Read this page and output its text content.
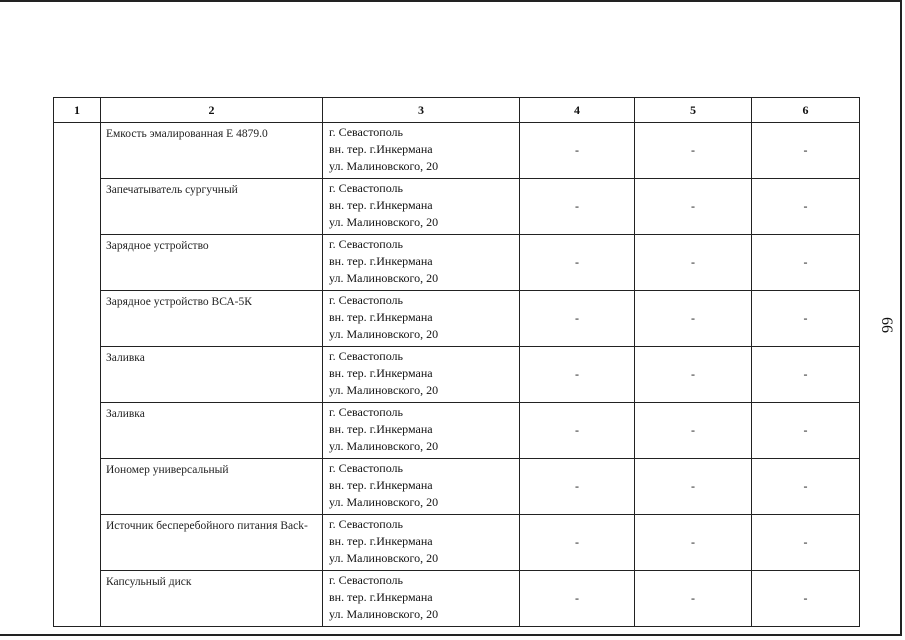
1	2	3	4	5	6
	Емкость эмалированная Е 4879.0	г. Севастополь
вн. тер. г.Инкермана
ул. Малиновского, 20	-	-	-
	Запечатыватель сургучный	г. Севастополь
вн. тер. г.Инкермана
ул. Малиновского, 20	-	-	-
	Зарядное устройство	г. Севастополь
вн. тер. г.Инкермана
ул. Малиновского, 20	-	-	-
	Зарядное устройство ВСА-5К	г. Севастополь
вн. тер. г.Инкермана
ул. Малиновского, 20	-	-	-
	Заливка	г. Севастополь
вн. тер. г.Инкермана
ул. Малиновского, 20	-	-	-
	Заливка	г. Севастополь
вн. тер. г.Инкермана
ул. Малиновского, 20	-	-	-
	Иономер универсальный	г. Севастополь
вн. тер. г.Инкермана
ул. Малиновского, 20	-	-	-
	Источник бесперебойного питания Back-	г. Севастополь
вн. тер. г.Инкермана
ул. Малиновского, 20	-	-	-
	Капсульный диск	г. Севастополь
вн. тер. г.Инкермана
ул. Малиновского, 20	-	-	-
66
